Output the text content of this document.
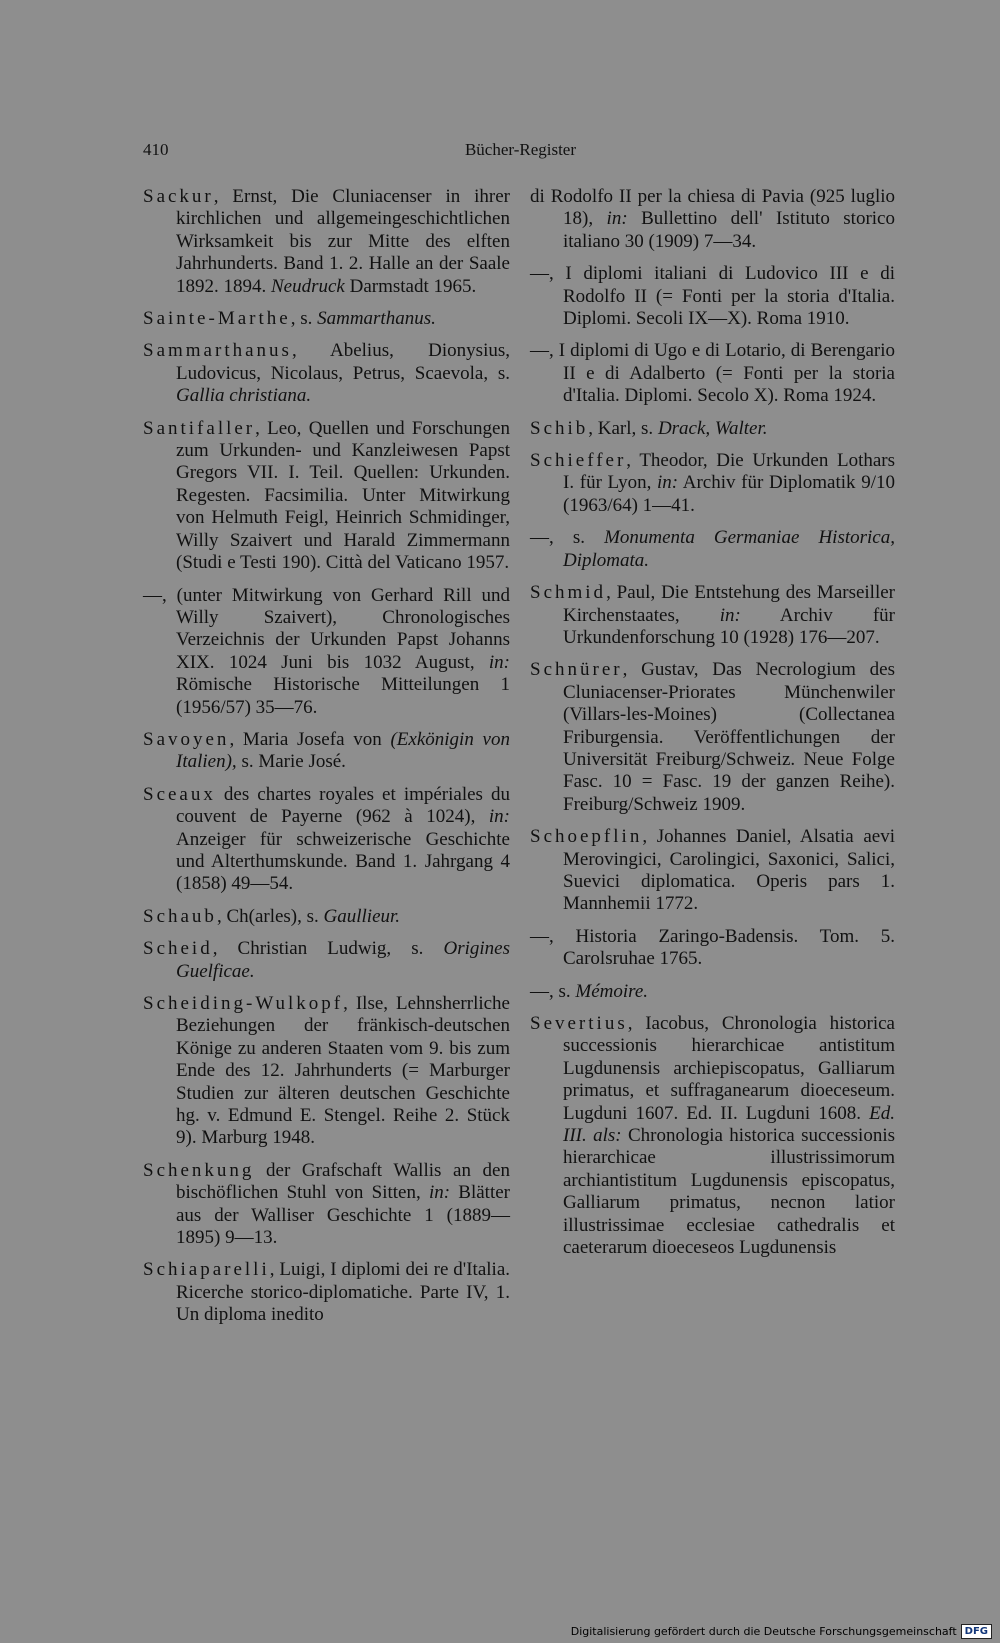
410	Bücher-Register

Sackur, Ernst, Die Cluniacenser in ihrer kirchlichen und allgemeingeschichtlichen Wirksamkeit bis zur Mitte des elften Jahrhunderts. Band 1. 2. Halle an der Saale 1892. 1894. Neudruck Darmstadt 1965.

Sainte-Marthe, s. Sammarthanus.

Sammarthanus, Abelius, Dionysius, Ludovicus, Nicolaus, Petrus, Scaevola, s. Gallia christiana.

Santifaller, Leo, Quellen und Forschungen zum Urkunden- und Kanzleiwesen Papst Gregors VII. I. Teil. Quellen: Urkunden. Regesten. Facsimilia. Unter Mitwirkung von Helmuth Feigl, Heinrich Schmidinger, Willy Szaivert und Harald Zimmermann (Studi e Testi 190). Città del Vaticano 1957.

—, (unter Mitwirkung von Gerhard Rill und Willy Szaivert), Chronologisches Verzeichnis der Urkunden Papst Johanns XIX. 1024 Juni bis 1032 August, in: Römische Historische Mitteilungen 1 (1956/57) 35—76.

Savoyen, Maria Josefa von (Exkönigin von Italien), s. Marie José.

Sceaux des chartes royales et impériales du couvent de Payerne (962 à 1024), in: Anzeiger für schweizerische Geschichte und Alterthumskunde. Band 1. Jahrgang 4 (1858) 49—54.

Schaub, Ch(arles), s. Gaullieur.

Scheid, Christian Ludwig, s. Origines Guelficae.

Scheiding-Wulkopf, Ilse, Lehnsherrliche Beziehungen der fränkisch-deutschen Könige zu anderen Staaten vom 9. bis zum Ende des 12. Jahrhunderts (= Marburger Studien zur älteren deutschen Geschichte hg. v. Edmund E. Stengel. Reihe 2. Stück 9). Marburg 1948.

Schenkung der Grafschaft Wallis an den bischöflichen Stuhl von Sitten, in: Blätter aus der Walliser Geschichte 1 (1889—1895) 9—13.

Schiaparelli, Luigi, I diplomi dei re d'Italia. Ricerche storico-diplomatiche. Parte IV, 1. Un diploma inedito

di Rodolfo II per la chiesa di Pavia (925 luglio 18), in: Bullettino dell' Istituto storico italiano 30 (1909) 7—34.

—, I diplomi italiani di Ludovico III e di Rodolfo II (= Fonti per la storia d'Italia. Diplomi. Secoli IX—X). Roma 1910.

—, I diplomi di Ugo e di Lotario, di Berengario II e di Adalberto (= Fonti per la storia d'Italia. Diplomi. Secolo X). Roma 1924.

Schib, Karl, s. Drack, Walter.

Schieffer, Theodor, Die Urkunden Lothars I. für Lyon, in: Archiv für Diplomatik 9/10 (1963/64) 1—41.

—, s. Monumenta Germaniae Historica, Diplomata.

Schmid, Paul, Die Entstehung des Marseiller Kirchenstaates, in: Archiv für Urkundenforschung 10 (1928) 176—207.

Schnürer, Gustav, Das Necrologium des Cluniacenser-Priorates Münchenwiler (Villars-les-Moines) (Collectanea Friburgensia. Veröffentlichungen der Universität Freiburg/Schweiz. Neue Folge Fasc. 10 = Fasc. 19 der ganzen Reihe). Freiburg/Schweiz 1909.

Schoepflin, Johannes Daniel, Alsatia aevi Merovingici, Carolingici, Saxonici, Salici, Suevici diplomatica. Operis pars 1. Mannhemii 1772.

—, Historia Zaringo-Badensis. Tom. 5. Carolsruhae 1765.

—, s. Mémoire.

Severtius, Iacobus, Chronologia historica successionis hierarchicae antistitum Lugdunensis archiepiscopatus, Galliarum primatus, et suffraganearum dioeceseum. Lugduni 1607. Ed. II. Lugduni 1608. Ed. III. als: Chronologia historica successionis hierarchicae illustrissimorum archiantistitum Lugdunensis episcopatus, Galliarum primatus, necnon latior illustrissimae ecclesiae cathedralis et caeterarum dioeceseos Lugdunensis

Digitalisierung gefördert durch die Deutsche Forschungsgemeinschaft DFG
